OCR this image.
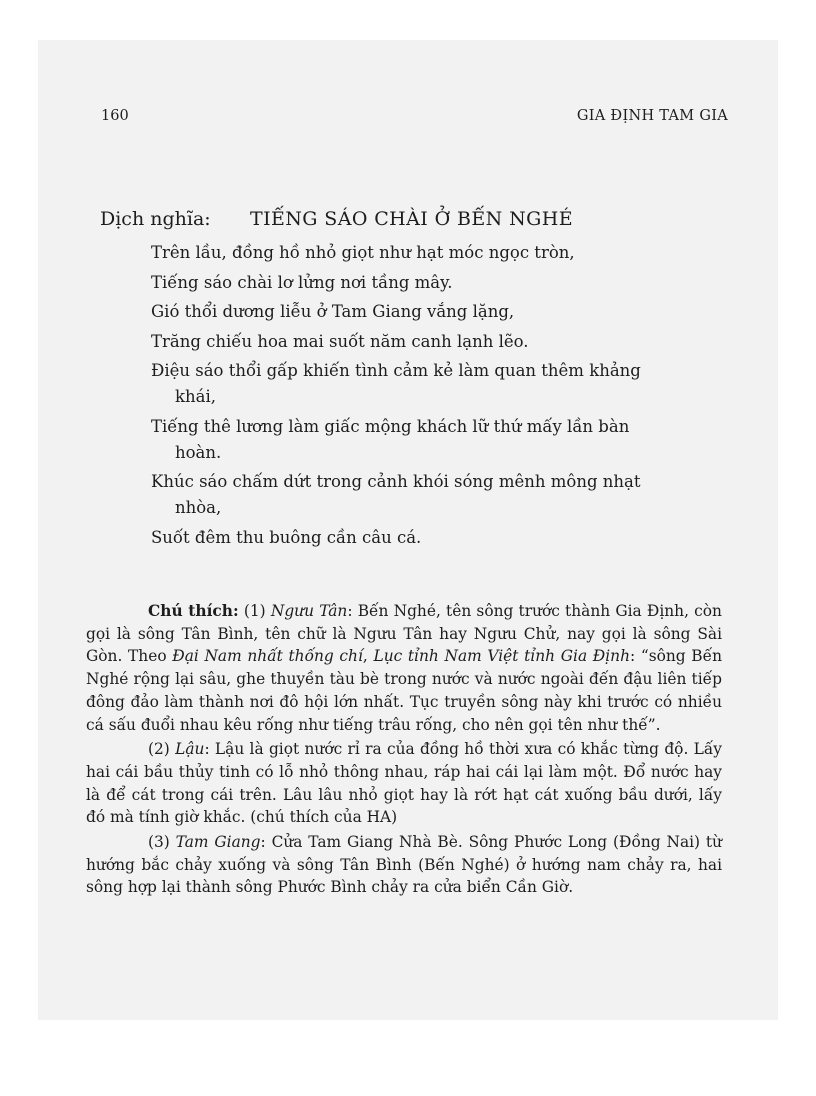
160	GIA ĐỊNH TAM GIA
Dịch nghĩa: TIẾNG SÁO CHÀI Ở BẾN NGHÉ
Trên lầu, đồng hồ nhỏ giọt như hạt móc ngọc tròn,
Tiếng sáo chài lơ lửng nơi tầng mây.
Gió thổi dương liễu ở Tam Giang vắng lặng,
Trăng chiếu hoa mai suốt năm canh lạnh lẽo.
Điệu sáo thổi gấp khiến tình cảm kẻ làm quan thêm khảng
khái,
Tiếng thê lương làm giấc mộng khách lữ thứ mấy lần bàn
hoàn.
Khúc sáo chấm dứt trong cảnh khói sóng mênh mông nhạt
nhòa,
Suốt đêm thu buông cần câu cá.

Chú thích: (1) Ngưu Tân: Bến Nghé, tên sông trước thành Gia Định, còn gọi là sông Tân Bình, tên chữ là Ngưu Tân hay Ngưu Chử, nay gọi là sông Sài Gòn. Theo Đại Nam nhất thống chí, Lục tỉnh Nam Việt tỉnh Gia Định: “sông Bến Nghé rộng lại sâu, ghe thuyền tàu bè trong nước và nước ngoài đến đậu liên tiếp đông đảo làm thành nơi đô hội lớn nhất. Tục truyền sông này khi trước có nhiều cá sấu đuổi nhau kêu rống như tiếng trâu rống, cho nên gọi tên như thế”.

(2) Lậu: Lậu là giọt nước rỉ ra của đồng hồ thời xưa có khắc từng độ. Lấy hai cái bầu thủy tinh có lỗ nhỏ thông nhau, ráp hai cái lại làm một. Đổ nước hay là để cát trong cái trên. Lâu lâu nhỏ giọt hay là rớt hạt cát xuống bầu dưới, lấy đó mà tính giờ khắc. (chú thích của HA)

(3) Tam Giang: Cửa Tam Giang Nhà Bè. Sông Phước Long (Đồng Nai) từ hướng bắc chảy xuống và sông Tân Bình (Bến Nghé) ở hướng nam chảy ra, hai sông hợp lại thành sông Phước Bình chảy ra cửa biển Cần Giờ.
